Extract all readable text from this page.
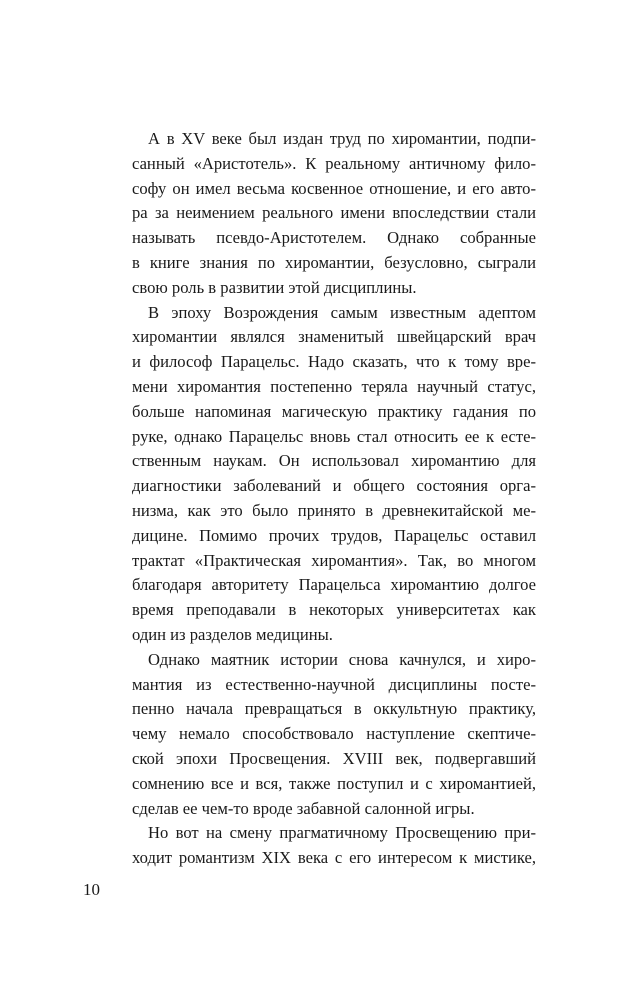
А в XV веке был издан труд по хиромантии, подпи-
санный «Аристотель». К реальному античному фило-
софу он имел весьма косвенное отношение, и его авто-
ра за неимением реального имени впоследствии стали
называть псевдо-Аристотелем. Однако собранные
в книге знания по хиромантии, безусловно, сыграли
свою роль в развитии этой дисциплины.
В эпоху Возрождения самым известным адептом
хиромантии являлся знаменитый швейцарский врач
и философ Парацельс. Надо сказать, что к тому вре-
мени хиромантия постепенно теряла научный статус,
больше напоминая магическую практику гадания по
руке, однако Парацельс вновь стал относить ее к есте-
ственным наукам. Он использовал хиромантию для
диагностики заболеваний и общего состояния орга-
низма, как это было принято в древнекитайской ме-
дицине. Помимо прочих трудов, Парацельс оставил
трактат «Практическая хиромантия». Так, во многом
благодаря авторитету Парацельса хиромантию долгое
время преподавали в некоторых университетах как
один из разделов медицины.
Однако маятник истории снова качнулся, и хиро-
мантия из естественно-научной дисциплины посте-
пенно начала превращаться в оккультную практику,
чему немало способствовало наступление скептиче-
ской эпохи Просвещения. XVIII век, подвергавший
сомнению все и вся, также поступил и с хиромантией,
сделав ее чем-то вроде забавной салонной игры.
Но вот на смену прагматичному Просвещению при-
ходит романтизм XIX века с его интересом к мистике,
10
